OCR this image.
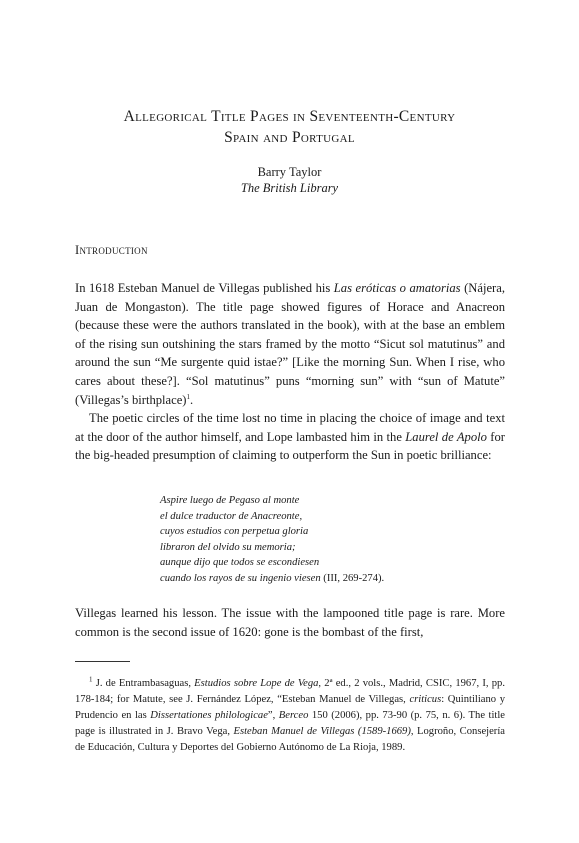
Allegorical Title Pages in Seventeenth-Century
Spain and Portugal
Barry Taylor
The British Library
Introduction

In 1618 Esteban Manuel de Villegas published his Las eróticas o amatorias (Nájera, Juan de Mongaston). The title page showed figures of Horace and Anacreon (because these were the authors translated in the book), with at the base an emblem of the rising sun outshining the stars framed by the motto “Sicut sol matutinus” and around the sun “Me surgente quid istae?” [Like the morning Sun. When I rise, who cares about these?]. “Sol matutinus” puns “morning sun” with “sun of Matute” (Villegas’s birthplace)$^1$.

The poetic circles of the time lost no time in placing the choice of image and text at the door of the author himself, and Lope lambasted him in the Laurel de Apolo for the big-headed presumption of claiming to outperform the Sun in poetic brilliance:

Aspire luego de Pegaso al monte
el dulce traductor de Anacreonte,
cuyos estudios con perpetua gloria
libraron del olvido su memoria;
aunque dijo que todos se escondiesen
cuando los rayos de su ingenio viesen (III, 269-274).

Villegas learned his lesson. The issue with the lampooned title page is rare. More common is the second issue of 1620: gone is the bombast of the first,

$^1$ J. de Entrambasaguas, Estudios sobre Lope de Vega, 2ª ed., 2 vols., Madrid, CSIC, 1967, I, pp. 178-184; for Matute, see J. Fernández López, “Esteban Manuel de Villegas, criticus: Quintiliano y Prudencio en las Dissertationes philologicae”, Berceo 150 (2006), pp. 73-90 (p. 75, n. 6). The title page is illustrated in J. Bravo Vega, Esteban Manuel de Villegas (1589-1669), Logroño, Consejería de Educación, Cultura y Deportes del Gobierno Autónomo de La Rioja, 1989.
